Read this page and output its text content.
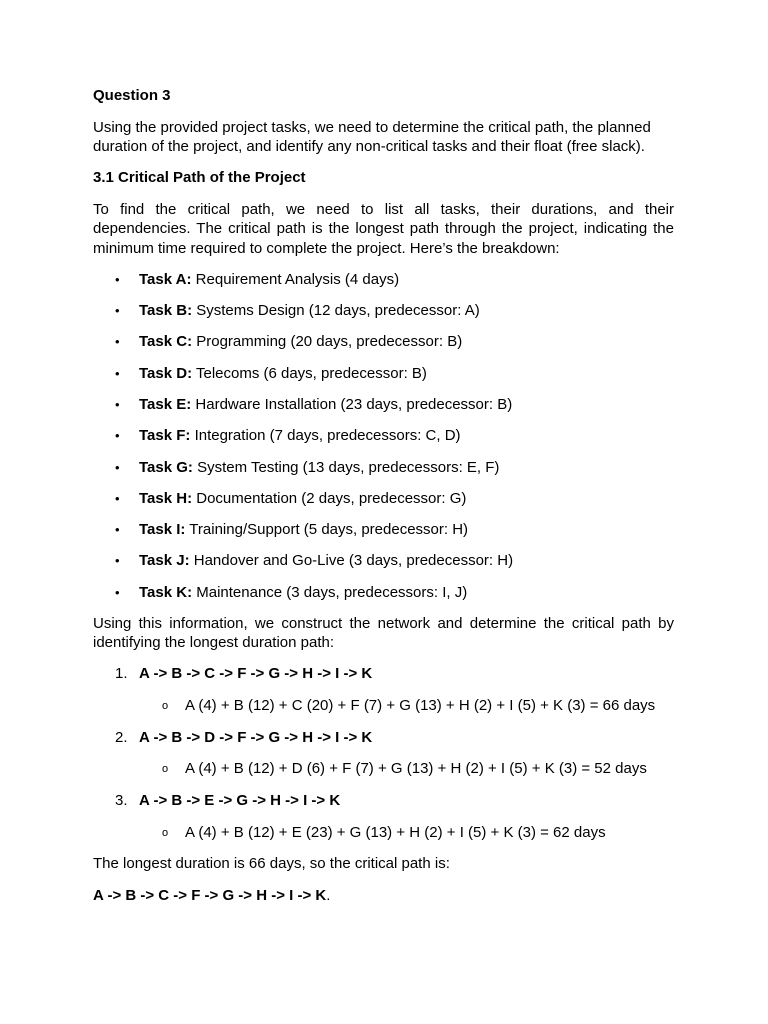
Question 3

Using the provided project tasks, we need to determine the critical path, the planned duration of the project, and identify any non-critical tasks and their float (free slack).

3.1 Critical Path of the Project

To find the critical path, we need to list all tasks, their durations, and their dependencies. The critical path is the longest path through the project, indicating the minimum time required to complete the project. Here’s the breakdown:

• Task A: Requirement Analysis (4 days)
• Task B: Systems Design (12 days, predecessor: A)
• Task C: Programming (20 days, predecessor: B)
• Task D: Telecoms (6 days, predecessor: B)
• Task E: Hardware Installation (23 days, predecessor: B)
• Task F: Integration (7 days, predecessors: C, D)
• Task G: System Testing (13 days, predecessors: E, F)
• Task H: Documentation (2 days, predecessor: G)
• Task I: Training/Support (5 days, predecessor: H)
• Task J: Handover and Go-Live (3 days, predecessor: H)
• Task K: Maintenance (3 days, predecessors: I, J)

Using this information, we construct the network and determine the critical path by identifying the longest duration path:

1. A -> B -> C -> F -> G -> H -> I -> K
o A (4) + B (12) + C (20) + F (7) + G (13) + H (2) + I (5) + K (3) = 66 days
2. A -> B -> D -> F -> G -> H -> I -> K
o A (4) + B (12) + D (6) + F (7) + G (13) + H (2) + I (5) + K (3) = 52 days
3. A -> B -> E -> G -> H -> I -> K
o A (4) + B (12) + E (23) + G (13) + H (2) + I (5) + K (3) = 62 days

The longest duration is 66 days, so the critical path is:

A -> B -> C -> F -> G -> H -> I -> K.
